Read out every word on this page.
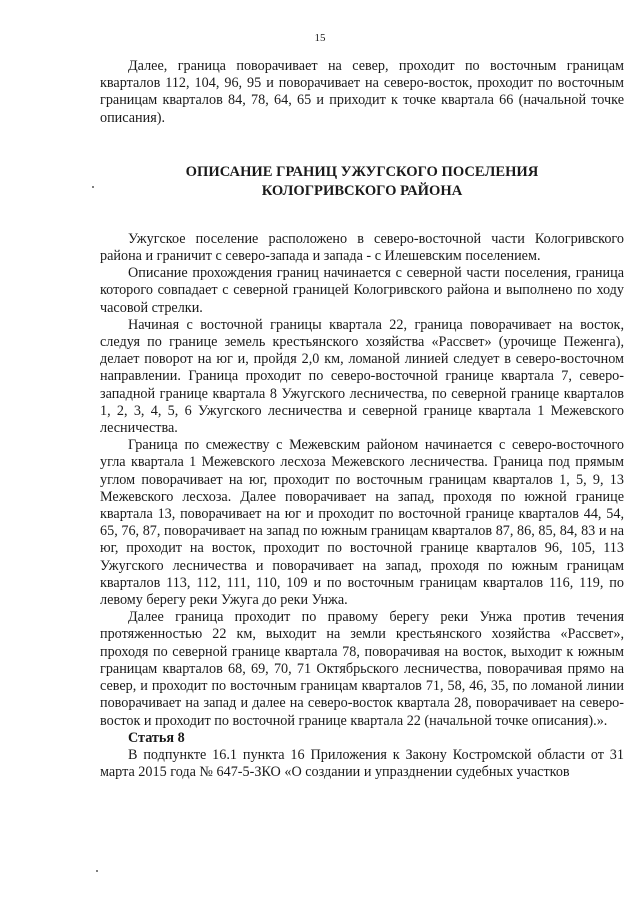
15

Далее, граница поворачивает на север, проходит по восточным границам кварталов 112, 104, 96, 95 и поворачивает на северо-восток, проходит по восточным границам кварталов 84, 78, 64, 65 и приходит к точке квартала 66 (начальной точке описания).

ОПИСАНИЕ ГРАНИЦ УЖУГСКОГО ПОСЕЛЕНИЯ
КОЛОГРИВСКОГО РАЙОНА

Ужугское поселение расположено в северо-восточной части Кологривского района и граничит с северо-запада и запада - с Илешевским поселением.

Описание прохождения границ начинается с северной части поселения, граница которого совпадает с северной границей Кологривского района и выполнено по ходу часовой стрелки.

Начиная с восточной границы квартала 22, граница поворачивает на восток, следуя по границе земель крестьянского хозяйства «Рассвет» (урочище Пеженга), делает поворот на юг и, пройдя 2,0 км, ломаной линией следует в северо-восточном направлении. Граница проходит по северо-восточной границе квартала 7, северо-западной границе квартала 8 Ужугского лесничества, по северной границе кварталов 1, 2, 3, 4, 5, 6 Ужугского лесничества и северной границе квартала 1 Межевского лесничества.

Граница по смежеству с Межевским районом начинается с северо-восточного угла квартала 1 Межевского лесхоза Межевского лесничества. Граница под прямым углом поворачивает на юг, проходит по восточным границам кварталов 1, 5, 9, 13 Межевского лесхоза. Далее поворачивает на запад, проходя по южной границе квартала 13, поворачивает на юг и проходит по восточной границе кварталов 44, 54, 65, 76, 87, поворачивает на запад по южным границам кварталов 87, 86, 85, 84, 83 и на юг, проходит на восток, проходит по восточной границе кварталов 96, 105, 113 Ужугского лесничества и поворачивает на запад, проходя по южным границам кварталов 113, 112, 111, 110, 109 и по восточным границам кварталов 116, 119, по левому берегу реки Ужуга до реки Унжа.

Далее граница проходит по правому берегу реки Унжа против течения протяженностью 22 км, выходит на земли крестьянского хозяйства «Рассвет», проходя по северной границе квартала 78, поворачивая на восток, выходит к южным границам кварталов 68, 69, 70, 71 Октябрьского лесничества, поворачивая прямо на север, и проходит по восточным границам кварталов 71, 58, 46, 35, по ломаной линии поворачивает на запад и далее на северо-восток квартала 28, поворачивает на северо-восток и проходит по восточной границе квартала 22 (начальной точке описания).».

Статья 8

В подпункте 16.1 пункта 16 Приложения к Закону Костромской области от 31 марта 2015 года № 647-5-ЗКО «О создании и упразднении судебных участков
